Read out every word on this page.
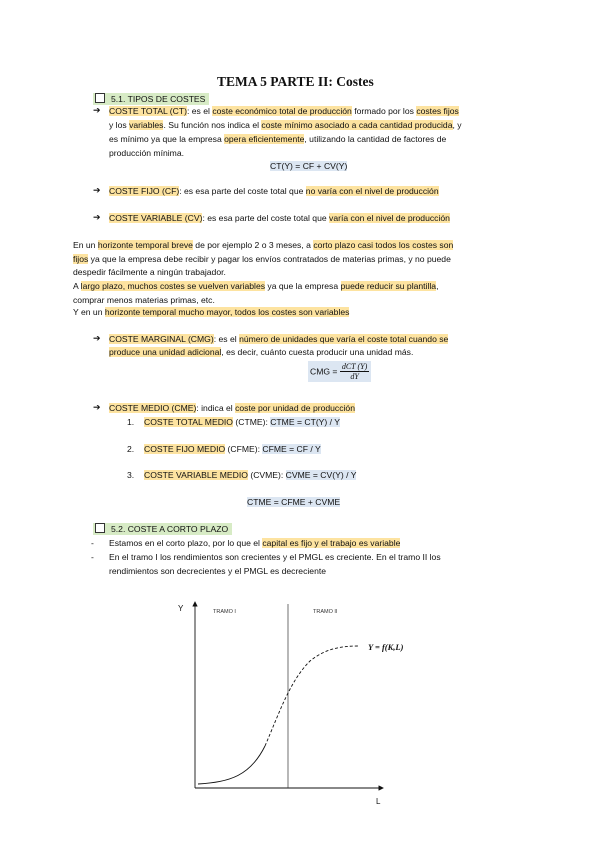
TEMA 5 PARTE II: Costes
5.1. TIPOS DE COSTES
➔ COSTE TOTAL (CT): es el coste económico total de producción formado por los costes fijos
y los variables. Su función nos indica el coste mínimo asociado a cada cantidad producida, y
es mínimo ya que la empresa opera eficientemente, utilizando la cantidad de factores de
producción mínima.
CT(Y) = CF + CV(Y)
➔ COSTE FIJO (CF): es esa parte del coste total que no varía con el nivel de producción
➔ COSTE VARIABLE (CV): es esa parte del coste total que varía con el nivel de producción
En un horizonte temporal breve de por ejemplo 2 o 3 meses, a corto plazo casi todos los costes son
fijos ya que la empresa debe recibir y pagar los envíos contratados de materias primas, y no puede
despedir fácilmente a ningún trabajador.
A largo plazo, muchos costes se vuelven variables ya que la empresa puede reducir su plantilla,
comprar menos materias primas, etc.
Y en un horizonte temporal mucho mayor, todos los costes son variables
➔ COSTE MARGINAL (CMG): es el número de unidades que varía el coste total cuando se
produce una unidad adicional, es decir, cuánto cuesta producir una unidad más.
CMG = $\frac{\text{dCT (Y)}}{dY}$
➔ COSTE MEDIO (CME): indica el coste por unidad de producción
1. COSTE TOTAL MEDIO (CTME): CTME = CT(Y) / Y
2. COSTE FIJO MEDIO (CFME): CFME = CF / Y
3. COSTE VARIABLE MEDIO (CVME): CVME = CV(Y) / Y
CTME = CFME + CVME
5.2. COSTE A CORTO PLAZO
- Estamos en el corto plazo, por lo que el capital es fijo y el trabajo es variable
- En el tramo I los rendimientos son crecientes y el PMGL es creciente. En el tramo II los
rendimientos son decrecientes y el PMGL es decreciente
Y
L
TRAMO I	TRAMO II
Y = f(K,L)
